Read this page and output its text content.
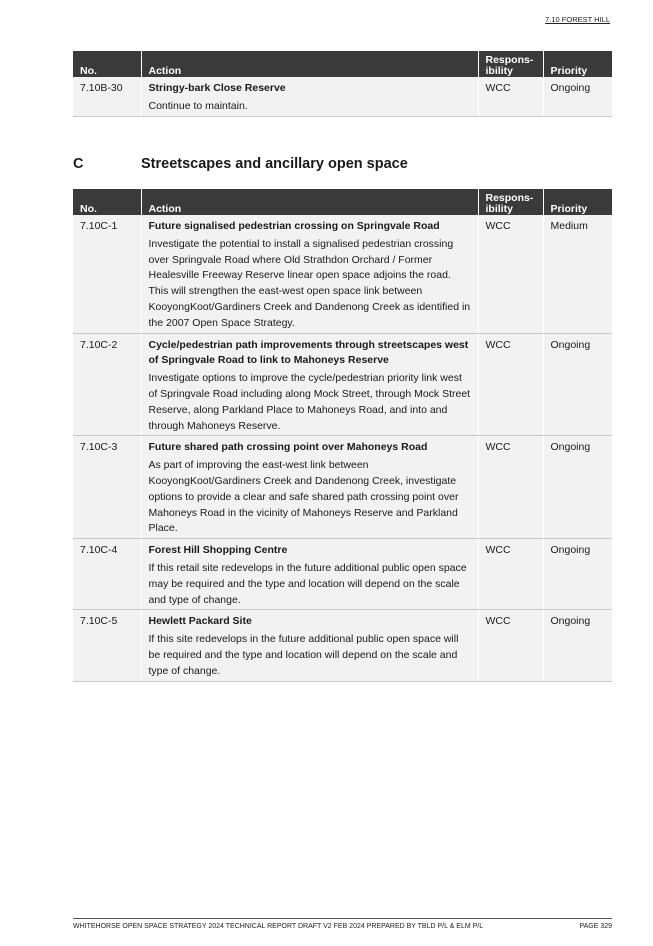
7.10 FOREST HILL
No.	Action	Respons-
ibility	Priority
7.10B-30	Stringy-bark Close Reserve
Continue to maintain.	WCC	Ongoing
C	Streetscapes and ancillary open space
No.	Action	Respons-
ibility	Priority
7.10C-1	Future signalised pedestrian crossing on Springvale Road
Investigate the potential to install a signalised pedestrian crossing over Springvale Road where Old Strathdon Orchard / Former Healesville Freeway Reserve linear open space adjoins the road. This will strengthen the east-west open space link between KooyongKoot/Gardiners Creek and Dandenong Creek as identified in the 2007 Open Space Strategy.	WCC	Medium
7.10C-2	Cycle/pedestrian path improvements through streetscapes west of Springvale Road to link to Mahoneys Reserve
Investigate options to improve the cycle/pedestrian priority link west of Springvale Road including along Mock Street, through Mock Street Reserve, along Parkland Place to Mahoneys Road, and into and through Mahoneys Reserve.	WCC	Ongoing
7.10C-3	Future shared path crossing point over Mahoneys Road
As part of improving the east-west link between KooyongKoot/Gardiners Creek and Dandenong Creek, investigate options to provide a clear and safe shared path crossing point over Mahoneys Road in the vicinity of Mahoneys Reserve and Parkland Place.	WCC	Ongoing
7.10C-4	Forest Hill Shopping Centre
If this retail site redevelops in the future additional public open space may be required and the type and location will depend on the scale and type of change.	WCC	Ongoing
7.10C-5	Hewlett Packard Site
If this site redevelops in the future additional public open space will be required and the type and location will depend on the scale and type of change.	WCC	Ongoing
WHITEHORSE OPEN SPACE STRATEGY 2024 TECHNICAL REPORT DRAFT V2 FEB 2024 PREPARED BY TBLD P/L & ELM P/L	PAGE 329
